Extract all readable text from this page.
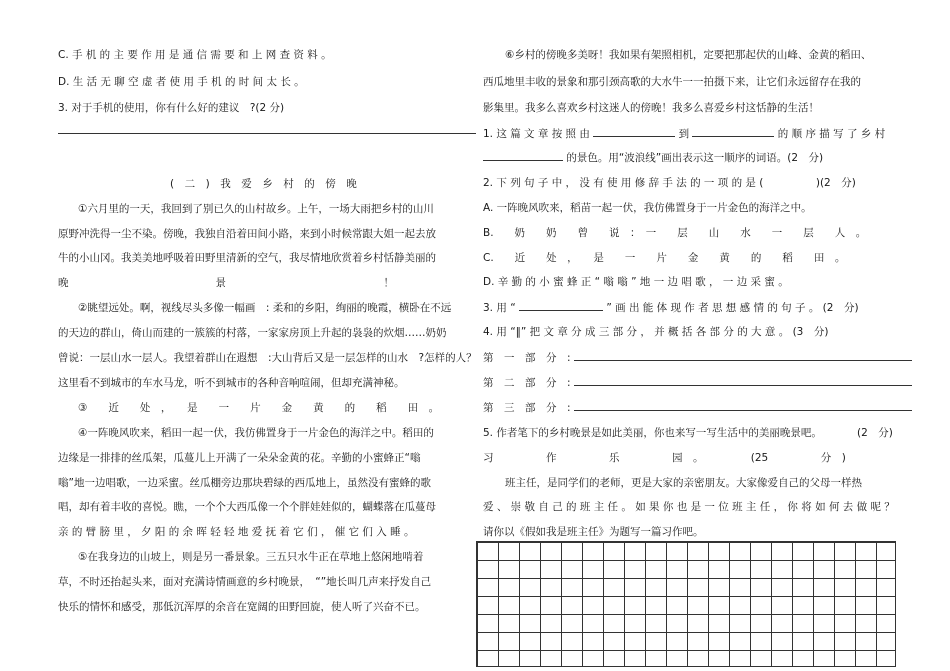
C. 手 机 的 主 要 作 用 是 通 信 需 要 和 上 网 查 资 料 。
D. 生 活 无 聊 空 虚 者 使 用 手 机 的 时 间 太 长 。
3. 对于手机的使用，你有什么好的建议　?(2 分)
(　二　)　我　爱　乡　村　的　傍　晚
①六月里的一天，我回到了别已久的山村故乡。上午，一场大雨把乡村的山川
原野冲洗得一尘不染。傍晚，我独自沿着田间小路，来到小时候常跟大姐一起去放
牛的小山冈。我美美地呼吸着田野里清新的空气，我尽情地欣赏着乡村恬静美丽的
晚　　　　　　　　　　　　　　景　　　　　　　　　　　　　　　！
②眺望远处。啊，视线尽头多像一幅画　: 柔和的乡阳，绚丽的晚霞，横卧在不远
的天边的群山，倚山而建的一簇簇的村落，一家家房顶上升起的袅袅的炊烟……奶奶
曾说：一层山水一层人。我望着群山在遐想　:大山背后又是一层怎样的山水　?怎样的人？
这里看不到城市的车水马龙，听不到城市的各种音响喧闹，但却充满神秘。
③　　近　　处　，　　是　　一　　片　　金　　黄　　的　　稻　　田　。
④一阵晚风吹来，稻田一起一伏，我仿佛置身于一片金色的海洋之中。稻田的
边缘是一排排的丝瓜架，瓜蔓儿上开满了一朵朵金黄的花。辛勤的小蜜蜂正“嗡
嗡”地一边唱歌，一边采蜜。丝瓜棚旁边那块碧绿的西瓜地上，虽然没有蜜蜂的歌
唱，却有着丰收的喜悦。瞧，一个个大西瓜像一个个胖娃娃似的，蝴蝶落在瓜蔓母
亲 的 臂 膀 里 ， 夕 阳 的 余 晖 轻 轻 地 爱 抚 着 它 们 ， 催 它 们 入 睡 。
⑤在我身边的山坡上，则是另一番景象。三五只水牛正在草地上悠闲地啃着
草，不时还抬起头来，面对充满诗情画意的乡村晚景，　“”地长叫几声来抒发自己
快乐的情怀和感受，那低沉浑厚的余音在宽阔的田野回旋，使人听了兴奋不已。
⑥乡村的傍晚多美呀！我如果有架照相机，定要把那起伏的山峰、金黄的稻田、
西瓜地里丰收的景象和那引颈高歌的大水牛一一拍摄下来，让它们永远留存在我的
影集里。我多么喜欢乡村这迷人的傍晚！我多么喜爱乡村这恬静的生活！
1. 这 篇 文 章 按 照 由	到	的 顺 序 描 写 了 乡 村
的景色。用“波浪线”画出表示这一顺序的词语。(2　分)
2. 下 列 句 子 中 ， 没 有 使 用 修 辞 手 法 的 一 项 的 是 (　　　　　)(2　分)
A. 一阵晚风吹来，稻苗一起一伏，我仿佛置身于一片金色的海洋之中。
B.　　奶　　奶　　曾　　说　：　一　　层　　山　　水　　一　　层　　人　。
C.　　近　　处　，　　是　　一　　片　　金　　黄　　的　　稻　　田　。
D. 辛 勤 的 小 蜜 蜂 正 “ 嗡 嗡 ” 地 一 边 唱 歌 ， 一 边 采 蜜 。
3. 用 “	” 画 出 能 体 现 作 者 思 想 感 情 的 句 子 。 (2　分)
4. 用 “‖” 把 文 章 分 成 三 部 分 ， 并 概 括 各 部 分 的 大 意 。 (3　分)
第　一　部　分　:
第　二　部　分　:
第　三　部　分　:
5. 作者笔下的乡村晚景是如此美丽，你也来写一写生活中的美丽晚景吧。	(2　分)
习　　　　　作　　　　　乐　　　　　园　。　　　　　(25　　　　　分　)
班主任，是同学们的老师，更是大家的亲密朋友。大家像爱自己的父母一样热
爱 、 崇 敬 自 己 的 班 主 任 。 如 果 你 也 是 一 位 班 主 任 ， 你 将 如 何 去 做 呢 ？
请你以《假如我是班主任》为题写一篇习作吧。
